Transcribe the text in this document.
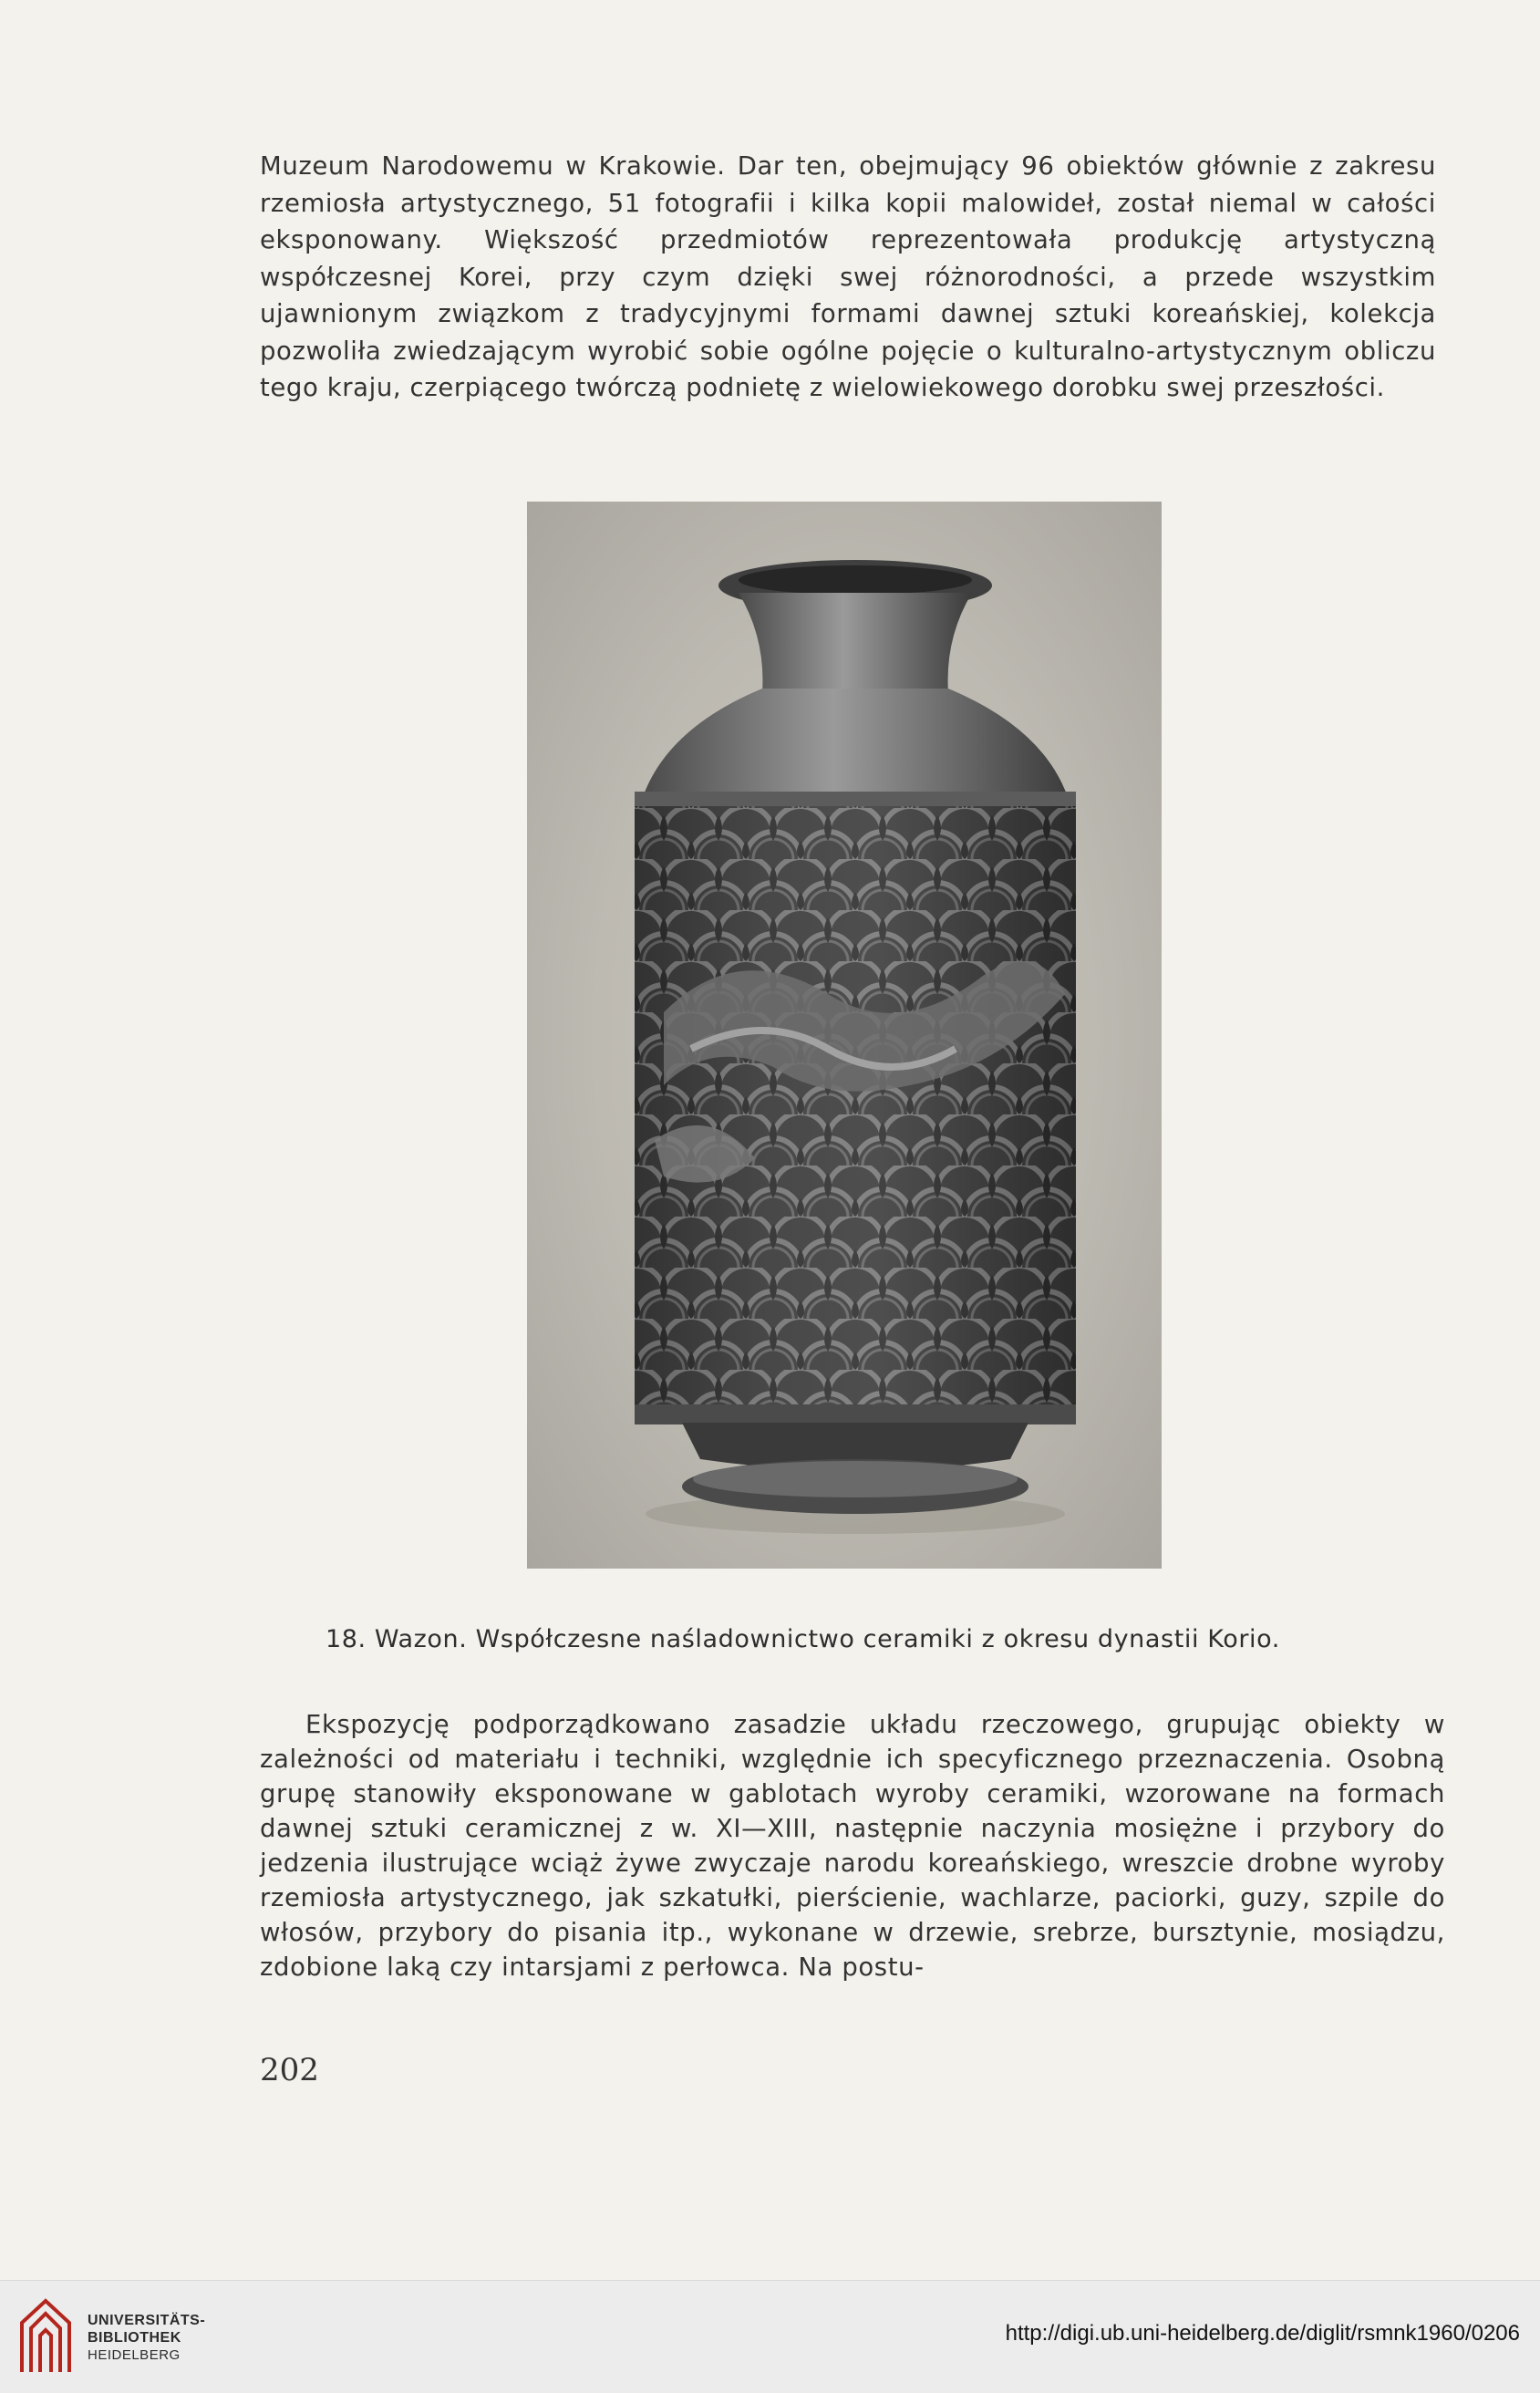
Muzeum Narodowemu w Krakowie. Dar ten, obejmujący 96 obiektów głównie z zakresu rzemiosła artystycznego, 51 fotografii i kilka kopii malowideł, został niemal w całości eksponowany. Większość przedmiotów reprezentowała produkcję artystyczną współczesnej Korei, przy czym dzięki swej różnorodności, a przede wszystkim ujawnionym związkom z tradycyjnymi formami dawnej sztuki koreańskiej, kolekcja pozwoliła zwiedzającym wyrobić sobie ogólne pojęcie o kulturalno-artystycznym obliczu tego kraju, czerpiącego twórczą podnietę z wielowiekowego dorobku swej przeszłości.

18. Wazon. Współczesne naśladownictwo ceramiki z okresu dynastii Korio.

Ekspozycję podporządkowano zasadzie układu rzeczowego, grupując obiekty w zależności od materiału i techniki, względnie ich specyficznego przeznaczenia. Osobną grupę stanowiły eksponowane w gablotach wyroby ceramiki, wzorowane na formach dawnej sztuki ceramicznej z w. XI—XIII, następnie naczynia mosiężne i przybory do jedzenia ilustrujące wciąż żywe zwyczaje narodu koreańskiego, wreszcie drobne wyroby rzemiosła artystycznego, jak szkatułki, pierścienie, wachlarze, paciorki, guzy, szpile do włosów, przybory do pisania itp., wykonane w drzewie, srebrze, bursztynie, mosiądzu, zdobione laką czy intarsjami z perłowca. Na postu-

202

UNIVERSITÄTS-
BIBLIOTHEK
HEIDELBERG
http://digi.ub.uni-heidelberg.de/diglit/rsmnk1960/0206
